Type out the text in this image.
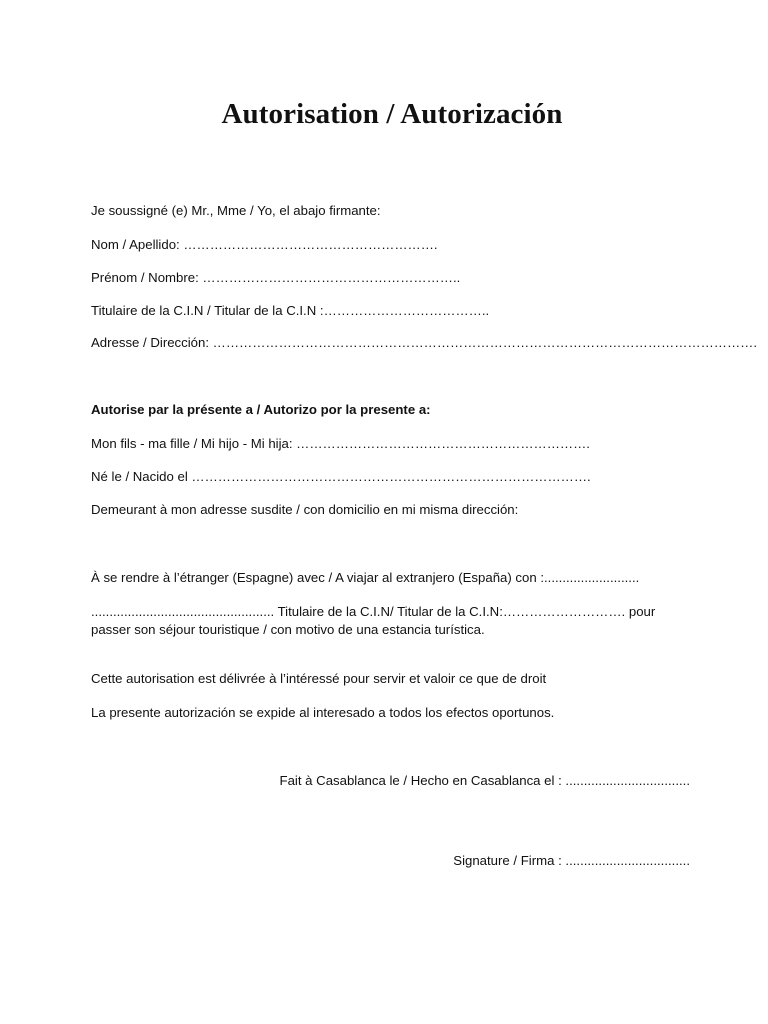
Autorisation / Autorización
Je soussigné (e) Mr., Mme / Yo, el abajo firmante:
Nom / Apellido: ………………………………………………….
Prénom / Nombre: …………………………………………………..
Titulaire de la C.I.N / Titular de la C.I.N :………………………………..
Adresse / Dirección: …………………………………………………………………………………………………………….
Autorise par la présente a / Autorizo por la presente a:
Mon fils - ma fille / Mi hijo - Mi hija: ………………………………………………………….
Né le / Nacido el ……………………………………………………………………………….
Demeurant à mon adresse susdite / con domicilio en mi misma dirección:
À se rendre à l’étranger (Espagne) avec / A viajar al extranjero (España) con :..........................
.................................................. Titulaire de la C.I.N/ Titular de la C.I.N:………………………. pour
passer son séjour touristique / con motivo de una estancia turística.
Cette autorisation est délivrée à l’intéressé pour servir et valoir ce que de droit
La presente autorización se expide al interesado a todos los efectos oportunos.
Fait à Casablanca le / Hecho en Casablanca el : ..................................
Signature / Firma : ..................................
